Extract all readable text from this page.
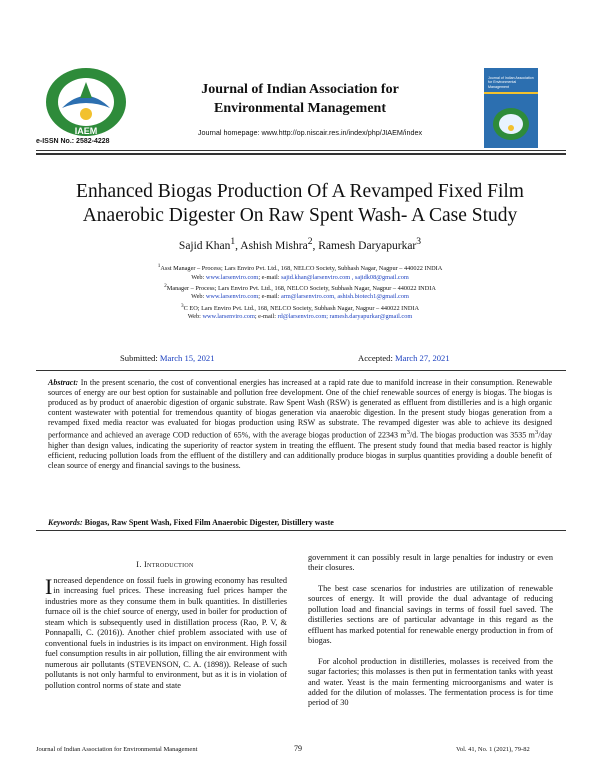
IAEM
e-ISSN No.: 2582-4228
Journal of Indian Association for
Environmental Management
Journal homepage: www.http://op.niscair.res.in/index/php/JIAEM/index
Journal of Indian Association for Environmental Management
Enhanced Biogas Production Of A Revamped Fixed Film
Anaerobic Digester On Raw Spent Wash- A Case Study
Sajid Khan$^1$, Ashish Mishra$^2$, Ramesh Daryapurkar$^3$
$^1$Asst Manager – Process; Lars Enviro Pvt. Ltd., 168, NELCO Society, Subhash Nagar, Nagpur – 440022 INDIA
Web: www.larsenviro.com; e-mail: sajid.khan@larsenviro.com , sajidk08@gmail.com
$^2$Manager – Process; Lars Enviro Pvt. Ltd., 168, NELCO Society, Subhash Nagar, Nagpur – 440022 INDIA
Web: www.larsenviro.com; e-mail: arm@larsenviro.com, ashish.biotech1@gmail.com
$^3$C EO; Lars Enviro Pvt. Ltd., 168, NELCO Society, Subhash Nagar, Nagpur – 440022 INDIA
Web: www.larsenviro.com; e-mail: rd@larsenviro.com; ramesh.daryapurkar@gmail.com
Submitted: March 15, 2021	Accepted: March 27, 2021
Abstract: In the present scenario, the cost of conventional energies has increased at a rapid rate due to manifold increase in their consumption. Renewable sources of energy are our best option for sustainable and pollution free development. One of the chief renewable sources of energy is biogas. The biogas is produced as by product of anaerobic digestion of organic substrate. Raw Spent Wash (RSW) is generated as effluent from distilleries and is a high organic content wastewater with potential for tremendous quantity of biogas generation via anaerobic digestion. In the present study biogas generation from a revamped fixed media reactor was evaluated for biogas production using RSW as substrate. The revamped digester was able to achieve its designed performance and achieved an average COD reduction of 65%, with the average biogas production of 22343 $m^3/d$. The biogas production was 3535 $m^3$/day higher than design values, indicating the superiority of reactor system in treating the effluent. The present study found that media based reactor is highly efficient, reducing pollution loads from the effluent of the distillery and can additionally produce biogas in surplus quantities providing a double benefit of clean source of energy and financial savings to the business.
Keywords: Biogas, Raw Spent Wash, Fixed Film Anaerobic Digester, Distillery waste
I. Introduction

Increased dependence on fossil fuels in growing economy has resulted in increasing fuel prices. These increasing fuel prices hamper the industries more as they consume them in bulk quantities. In distilleries furnace oil is the chief source of energy, used in boiler for production of steam which is subsequently used in distillation process (Rao, P. V, & Ponnapalli, C. (2016)). Another chief problem associated with use of conventional fuels in industries is its impact on environment. High fossil fuel consumption results in air pollution, filling the air environment with numerous air pollutants (STEVENSON, C. A. (1898)). Release of such pollutants is not only harmful to environment, but as it is in violation of pollution control norms of state and state

government it can possibly result in large penalties for industry or even their closures.

The best case scenarios for industries are utilization of renewable sources of energy. It will provide the dual advantage of reducing pollution load and financial savings in terms of fossil fuel saved. The distilleries sections are of particular advantage in this regard as the effluent has marked potential for renewable energy production in from of biogas.

For alcohol production in distilleries, molasses is received from the sugar factories; this molasses is then put in fermentation tanks with yeast and water. Yeast is the main fermenting microorganisms and water is added for the dilution of molasses. The fermentation process is for time period of 30

Journal of Indian Association for Environmental Management	79	Vol. 41, No. 1 (2021), 79-82
